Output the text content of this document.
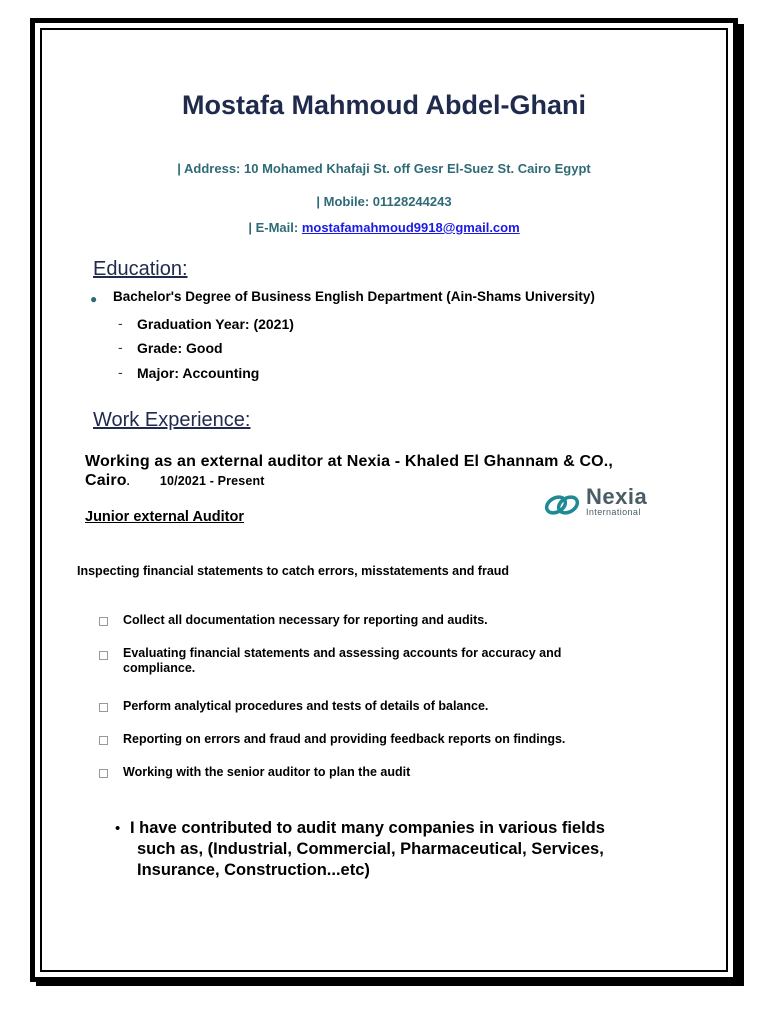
Mostafa Mahmoud Abdel-Ghani
| Address: 10 Mohamed Khafaji St. off Gesr El-Suez St. Cairo Egypt
| Mobile: 01128244243
| E-Mail: mostafamahmoud9918@gmail.com
Education:
● Bachelor's Degree of Business English Department (Ain-Shams University)
- Graduation Year: (2021)
- Grade: Good
- Major: Accounting
Work Experience:
Working as an external auditor at Nexia - Khaled El Ghannam & CO., Cairo. 10/2021 - Present
Junior external Auditor
Nexia
International
Inspecting financial statements to catch errors, misstatements and fraud
Collect all documentation necessary for reporting and audits.
Evaluating financial statements and assessing accounts for accuracy and compliance.
Perform analytical procedures and tests of details of balance.
Reporting on errors and fraud and providing feedback reports on findings.
Working with the senior auditor to plan the audit
• I have contributed to audit many companies in various fields
such as, (Industrial, Commercial, Pharmaceutical, Services,
Insurance, Construction...etc)
